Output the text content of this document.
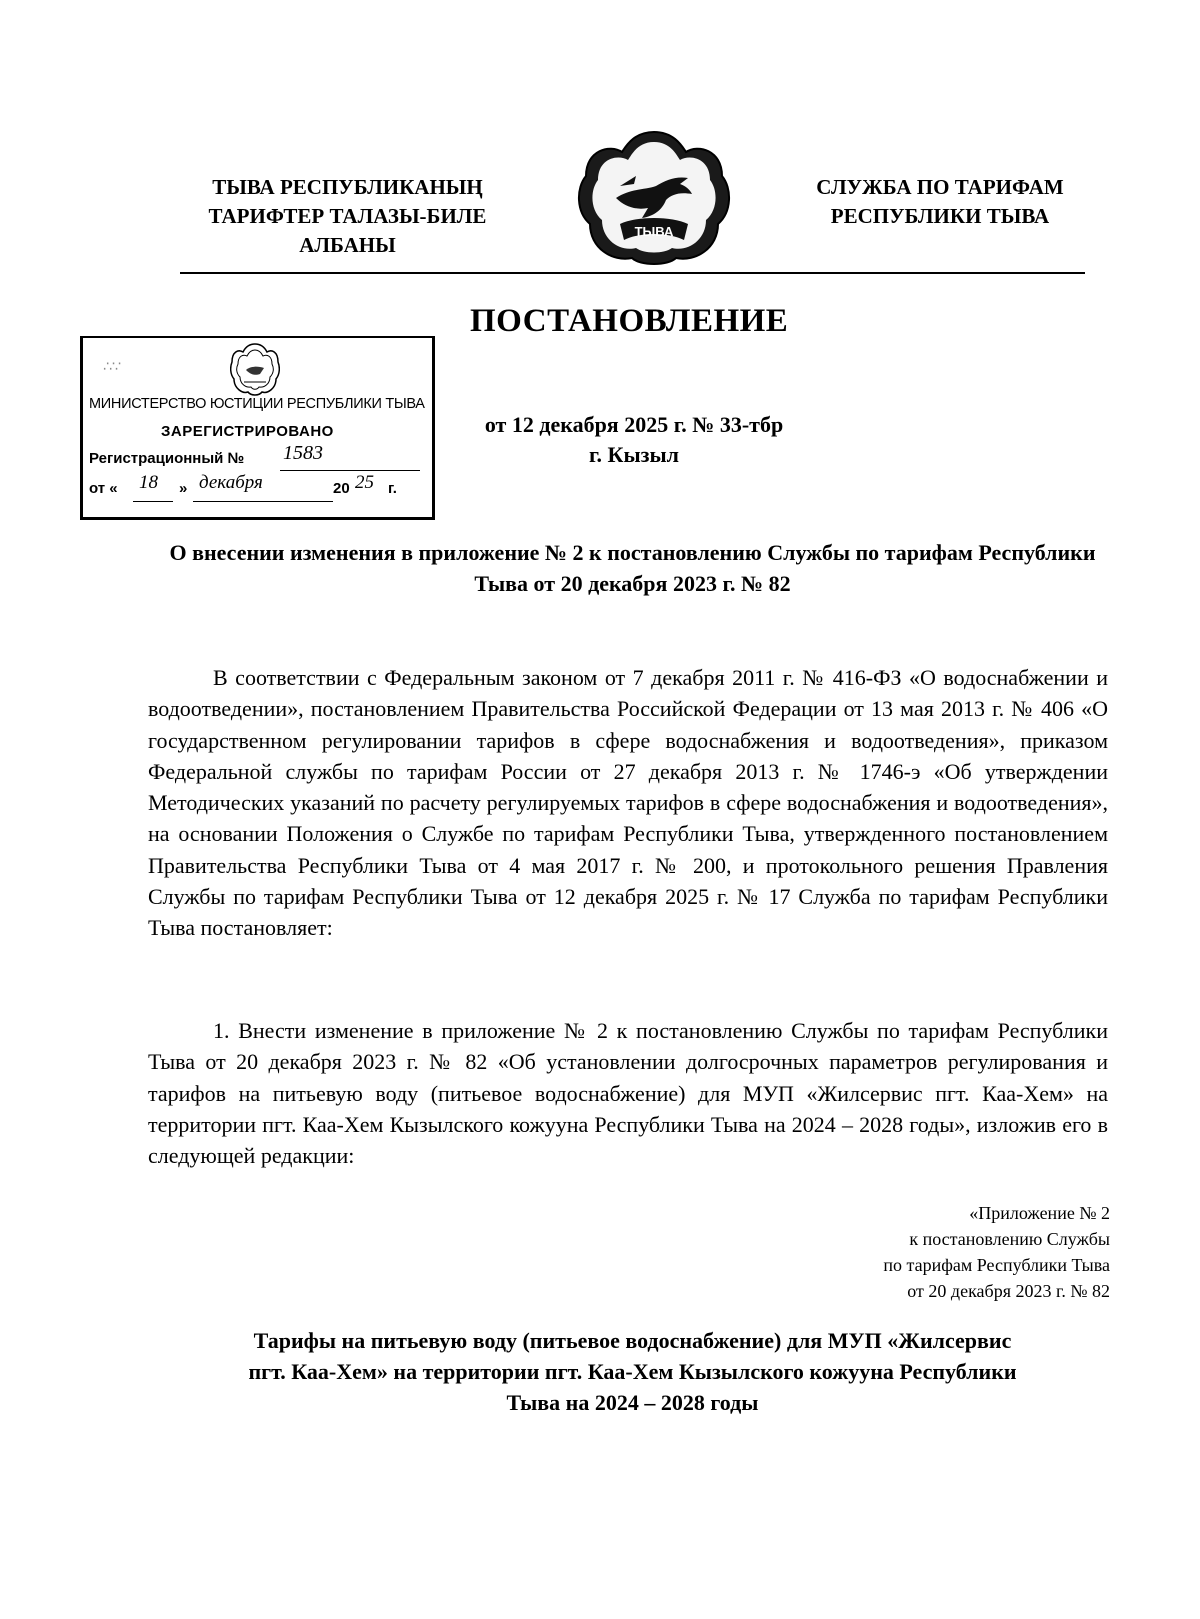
ТЫВА РЕСПУБЛИКАНЫҢ
ТАРИФТЕР ТАЛАЗЫ-БИЛЕ
АЛБАНЫ
ТЫВА
СЛУЖБА ПО ТАРИФАМ
РЕСПУБЛИКИ ТЫВА
ПОСТАНОВЛЕНИЕ
∴∵
МИНИСТЕРСТВО ЮСТИЦИИ РЕСПУБЛИКИ ТЫВА
ЗАРЕГИСТРИРОВАНО
Регистрационный № 1583
от « 18 декабря	20 25 г.
»
от 12 декабря 2025 г. № 33-тбр
г. Кызыл
О внесении изменения в приложение № 2 к постановлению Службы по тарифам Республики Тыва от 20 декабря 2023 г. № 82
В соответствии с Федеральным законом от 7 декабря 2011 г. № 416-ФЗ «О водоснабжении и водоотведении», постановлением Правительства Российской Федерации от 13 мая 2013 г. № 406 «О государственном регулировании тарифов в сфере водоснабжения и водоотведения», приказом Федеральной службы по тарифам России от 27 декабря 2013 г. № 1746-э «Об утверждении Методических указаний по расчету регулируемых тарифов в сфере водоснабжения и водоотведения», на основании Положения о Службе по тарифам Республики Тыва, утвержденного постановлением Правительства Республики Тыва от 4 мая 2017 г. № 200, и протокольного решения Правления Службы по тарифам Республики Тыва от 12 декабря 2025 г. № 17 Служба по тарифам Республики Тыва постановляет:
1. Внести изменение в приложение № 2 к постановлению Службы по тарифам Республики Тыва от 20 декабря 2023 г. № 82 «Об установлении долгосрочных параметров регулирования и тарифов на питьевую воду (питьевое водоснабжение) для МУП «Жилсервис пгт. Каа-Хем» на территории пгт. Каа-Хем Кызылского кожууна Республики Тыва на 2024 – 2028 годы», изложив его в следующей редакции:
«Приложение № 2
к постановлению Службы
по тарифам Республики Тыва
от 20 декабря 2023 г. № 82
Тарифы на питьевую воду (питьевое водоснабжение) для МУП «Жилсервис
пгт. Каа-Хем» на территории пгт. Каа-Хем Кызылского кожууна Республики
Тыва на 2024 – 2028 годы
